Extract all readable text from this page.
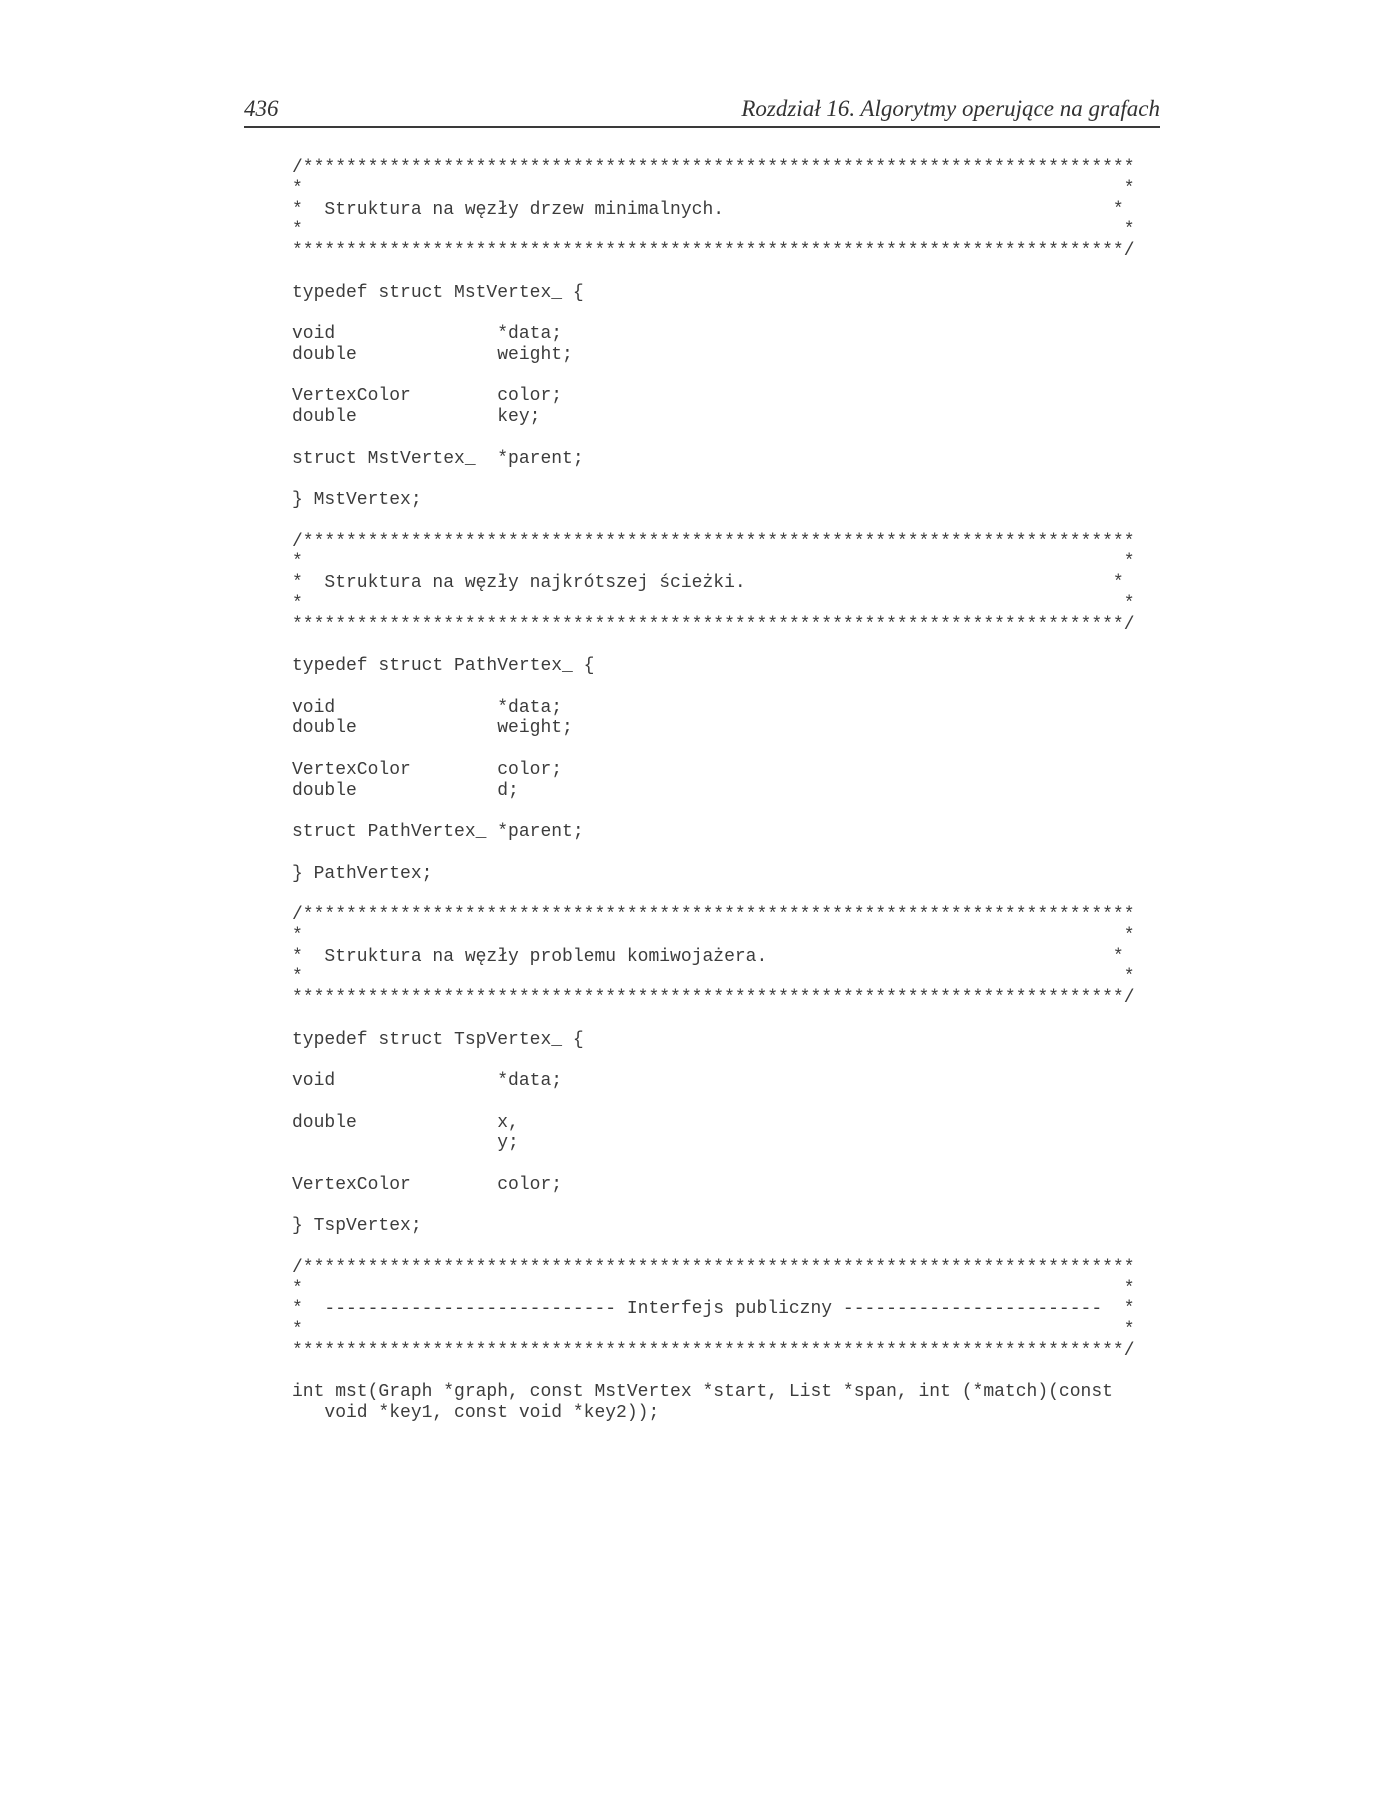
436	Rozdział 16. Algorytmy operujące na grafach
/*****************************************************************************
*                                                                            *
*  Struktura na węzły drzew minimalnych.                                    *
*                                                                            *
*****************************************************************************/

typedef struct MstVertex_ {

void               *data;
double             weight;

VertexColor        color;
double             key;

struct MstVertex_  *parent;

} MstVertex;

/*****************************************************************************
*                                                                            *
*  Struktura na węzły najkrótszej ścieżki.                                  *
*                                                                            *
*****************************************************************************/

typedef struct PathVertex_ {

void               *data;
double             weight;

VertexColor        color;
double             d;

struct PathVertex_ *parent;

} PathVertex;

/*****************************************************************************
*                                                                            *
*  Struktura na węzły problemu komiwojażera.                                *
*                                                                            *
*****************************************************************************/

typedef struct TspVertex_ {

void               *data;

double             x,
y;

VertexColor        color;

} TspVertex;

/*****************************************************************************
*                                                                            *
*  --------------------------- Interfejs publiczny ------------------------  *
*                                                                            *
*****************************************************************************/

int mst(Graph *graph, const MstVertex *start, List *span, int (*match)(const
void *key1, const void *key2));
